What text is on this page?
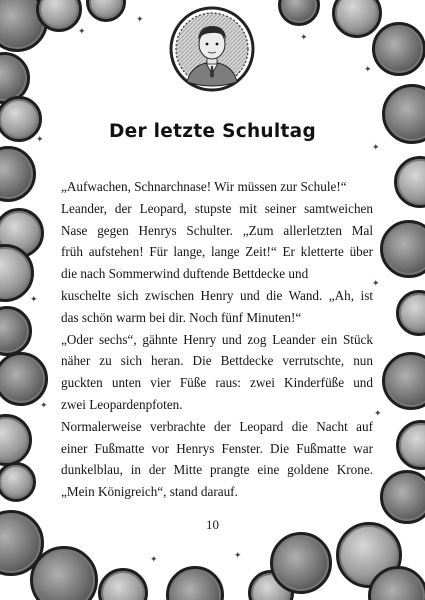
✦
✦
✦
✦
✦
✦
✦
✦
✦
✦
✦	✦
Der letzte Schultag
„Aufwachen, Schnarchnase! Wir müssen zur Schule!“
Leander, der Leopard, stupste mit seiner samtweichen
Nase gegen Henrys Schulter. „Zum allerletzten Mal
früh aufstehen! Für lange, lange Zeit!“ Er kletterte über
die nach Sommerwind duftende Bettdecke und
kuschelte sich zwischen Henry und die Wand. „Ah, ist
das schön warm bei dir. Noch fünf Minuten!“
„Oder sechs“, gähnte Henry und zog Leander ein Stück
näher zu sich heran. Die Bettdecke verrutschte, nun
guckten unten vier Füße raus: zwei Kinderfüße und
zwei Leopardenpfoten.
Normalerweise verbrachte der Leopard die Nacht auf
einer Fußmatte vor Henrys Fenster. Die Fußmatte war
dunkelblau, in der Mitte prangte eine goldene Krone.
„Mein Königreich“, stand darauf.
10
